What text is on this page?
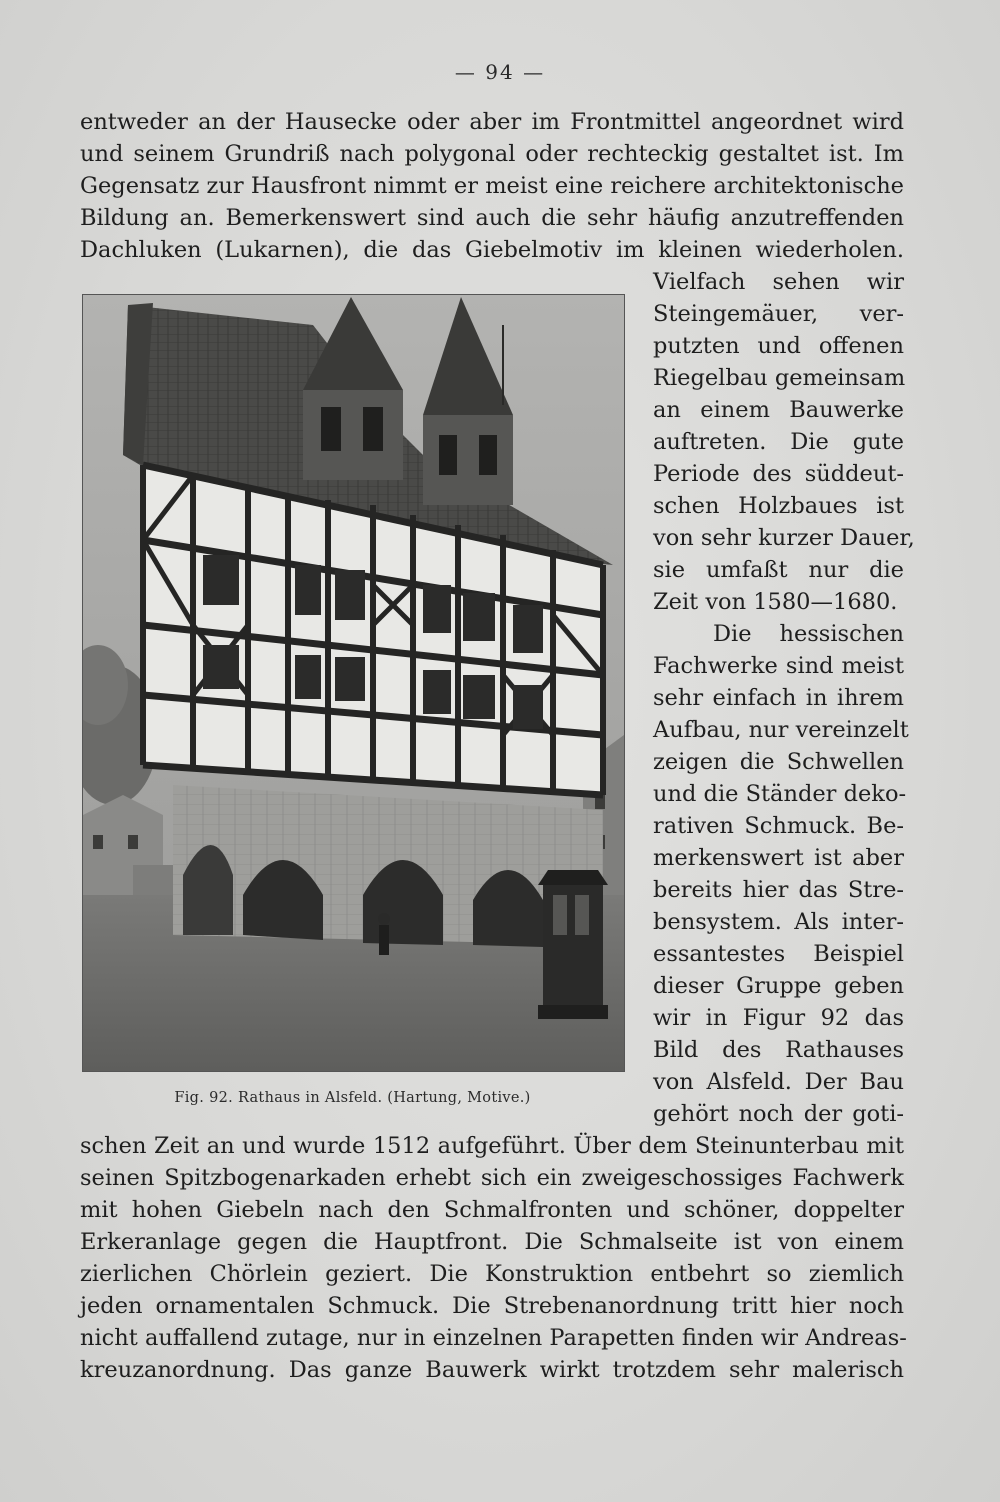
— 94 —
entweder an der Hausecke oder aber im Frontmittel angeordnet wird
und seinem Grundriß nach polygonal oder rechteckig gestaltet ist. Im
Gegensatz zur Hausfront nimmt er meist eine reichere architektonische
Bildung an. Bemerkenswert sind auch die sehr häufig anzutreffenden
Dachluken (Lukarnen), die das Giebelmotiv im kleinen wiederholen.
Vielfach sehen wir
Steingemäuer, ver-
putzten und offenen
Riegelbau gemeinsam
an einem Bauwerke
auftreten. Die gute
Periode des süddeut-
schen Holzbaues ist
von sehr kurzer Dauer,
sie umfaßt nur die
Zeit von 1580—1680.
Die hessischen
Fachwerke sind meist
sehr einfach in ihrem
Aufbau, nur vereinzelt
zeigen die Schwellen
und die Ständer deko-
rativen Schmuck. Be-
merkenswert ist aber
bereits hier das Stre-
bensystem. Als inter-
essantestes Beispiel
dieser Gruppe geben
wir in Figur 92 das
Bild des Rathauses
von Alsfeld. Der Bau
gehört noch der goti-
Fig. 92. Rathaus in Alsfeld. (Hartung, Motive.)
schen Zeit an und wurde 1512 aufgeführt. Über dem Steinunterbau mit
seinen Spitzbogenarkaden erhebt sich ein zweigeschossiges Fachwerk
mit hohen Giebeln nach den Schmalfronten und schöner, doppelter
Erkeranlage gegen die Hauptfront. Die Schmalseite ist von einem
zierlichen Chörlein geziert. Die Konstruktion entbehrt so ziemlich
jeden ornamentalen Schmuck. Die Strebenanordnung tritt hier noch
nicht auffallend zutage, nur in einzelnen Parapetten finden wir Andreas-
kreuzanordnung. Das ganze Bauwerk wirkt trotzdem sehr malerisch
